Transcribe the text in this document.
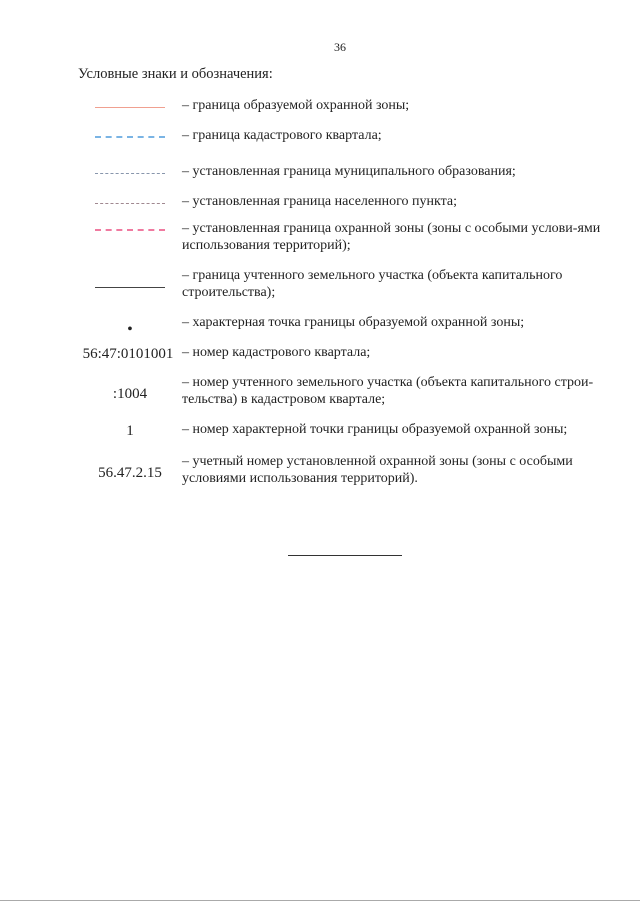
36
Условные знаки и обозначения:
– граница образуемой охранной зоны;
– граница кадастрового квартала;
– установленная граница муниципального образования;
– установленная граница населенного пункта;
– установленная граница охранной зоны (зоны с особыми услови-ями использования территорий);
– граница учтенного земельного участка (объекта капитального строительства);
•	– характерная точка границы образуемой охранной зоны;
56:47:0101001 – номер кадастрового квартала;
:1004
– номер учтенного земельного участка (объекта капитального строи-тельства) в кадастровом квартале;
1	– номер характерной точки границы образуемой охранной зоны;
56.47.2.15
– учетный номер установленной охранной зоны (зоны с особыми условиями использования территорий).
